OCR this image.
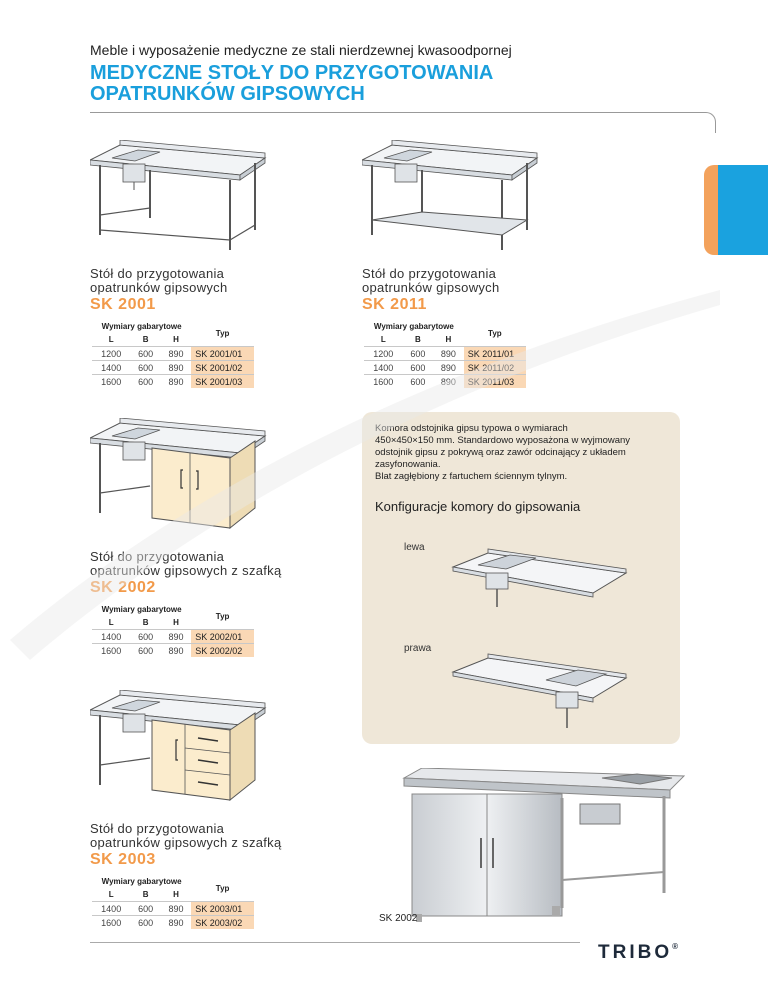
Meble i wyposażenie medyczne ze stali nierdzewnej kwasoodpornej
MEDYCZNE STOŁY DO PRZYGOTOWANIA
OPATRUNKÓW GIPSOWYCH
Stół do przygotowania
opatrunków gipsowych
SK 2001
Wymiary gabarytowe			Typ
L	B	H	
1200	600	890	SK 2001/01
1400	600	890	SK 2001/02
1600	600	890	SK 2001/03
Stół do przygotowania
opatrunków gipsowych
SK 2011
Wymiary gabarytowe			Typ
L	B	H	
1200	600	890	SK 2011/01
1400	600	890	SK 2011/02
1600	600	890	SK 2011/03
Stół do przygotowania
opatrunków gipsowych z szafką
SK 2002
Wymiary gabarytowe			Typ
L	B	H	
1400	600	890	SK 2002/01
1600	600	890	SK 2002/02
Stół do przygotowania
opatrunków gipsowych z szafką
SK 2003
Wymiary gabarytowe			Typ
L	B	H	
1400	600	890	SK 2003/01
1600	600	890	SK 2003/02
Komora odstojnika gipsu typowa o wymiarach
450×450×150 mm. Standardowo wyposażona w wyjmowany
odstojnik gipsu z pokrywą oraz zawór odcinający z układem
zasyfonowania.
Blat zagłębiony z fartuchem ściennym tylnym.
Konfiguracje komory do gipsowania
lewa
prawa
SK 2002
TRIBO®
